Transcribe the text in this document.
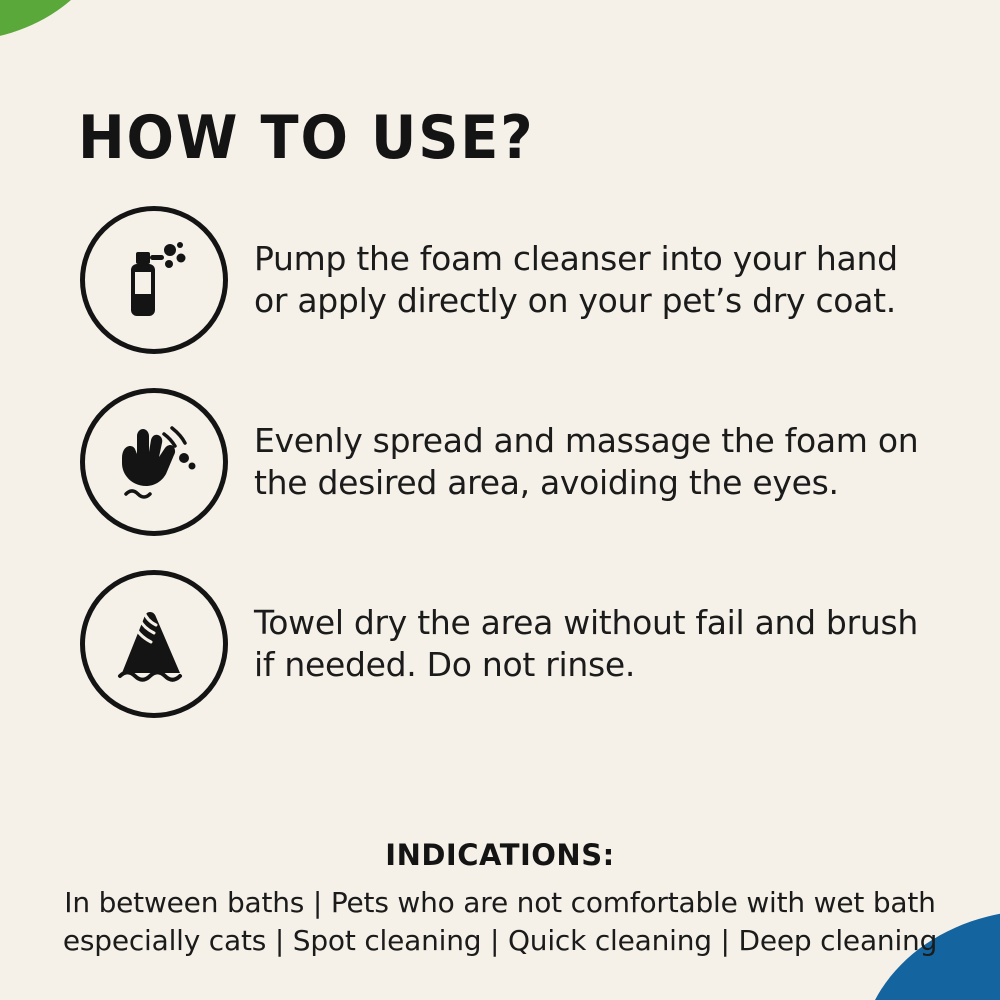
HOW TO USE?
Pump the foam cleanser into your hand
or apply directly on your pet’s dry coat.
Evenly spread and massage the foam on
the desired area, avoiding the eyes.
Towel dry the area without fail and brush
if needed. Do not rinse.
INDICATIONS:
In between baths | Pets who are not comfortable with wet bath
especially cats | Spot cleaning | Quick cleaning | Deep cleaning
